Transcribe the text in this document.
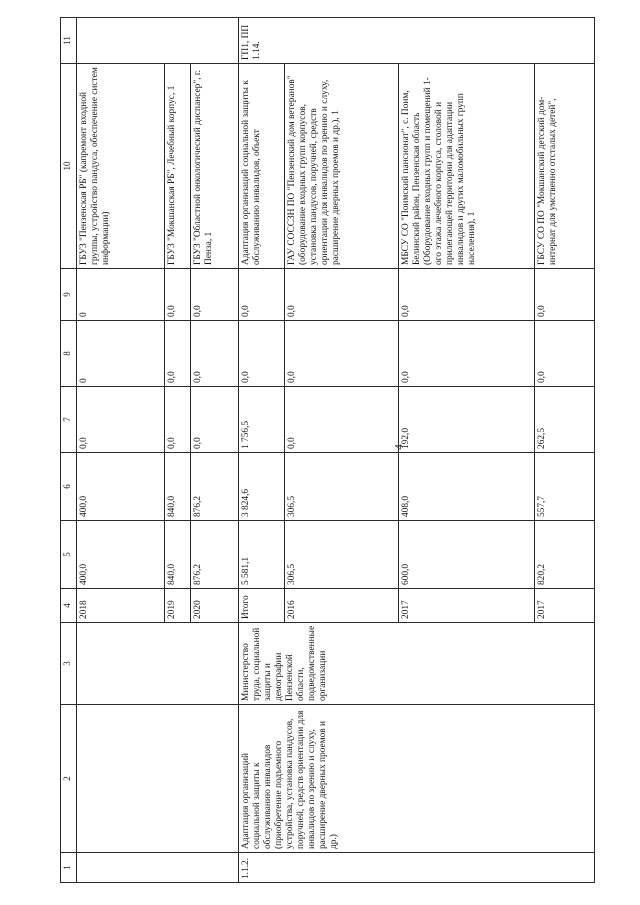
4
1	2	3	4	5	6	7	8	9	10	11
			2018	400,0	400,0	0,0	0	0	ГБУЗ "Пензенская РБ" (капремонт входной группы, устройство пандуса, обеспечение систем информации)	
			2019	840,0	840,0	0,0	0,0	0,0	ГБУЗ "Мокшанская РБ", Лечебный корпус, 1	
			2020	876,2	876,2	0,0	0,0	0,0	ГБУЗ "Областной онкологический диспансер", г. Пенза, 1	
1.1.2.	Адаптация организаций социальной защиты к обслуживанию инвалидов (приобретение подъемного устройства, установка пандусов, поручней, средств ориентации для инвалидов по зрению и слуху, расширение дверных проемов и др.)	Министерство труда, социальной защиты и демографии Пензенской области, подведомственные организации	Итого	5 581,1	3 824,6	1 756,5	0,0	0,0	Адаптация организаций социальной защиты к обслуживанию инвалидов, объект	ГП1, ПП 1.14.
			2016	306,5	306,5	0,0	0,0	0,0	ГАУ СОССЗН ПО "Пензенский дом ветеранов" (оборудование входных групп корпусов, установка пандусов, поручней, средств ориентации для инвалидов по зрению и слуху, расширение дверных проемов и др.), 1	
			2017	600,0	408,0	192,0	0,0	0,0	МБСУ СО "Поимский пансионат", с. Поим, Белинский район, Пензенская область (Оборудование входных групп и помещений 1-ого этажа лечебного корпуса, столовой и прилегающей территории для адаптации инвалидов и других маломобильных групп населения), 1	
			2017	820,2	557,7	262,5	0,0	0,0	ГБСУ СО ПО "Мокшанский детский дом-интернат для умственно отсталых детей",	
